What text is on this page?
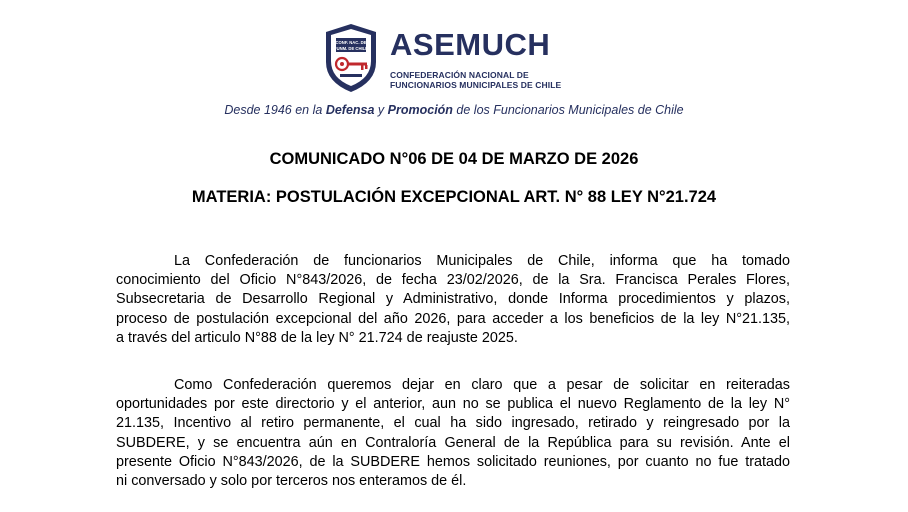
CONF. NAC. DE
FUNM. DE CHILE ASEMUCH
CONFEDERACIÓN NACIONAL DE
FUNCIONARIOS MUNICIPALES DE CHILE
Desde 1946 en la Defensa y Promoción de los Funcionarios Municipales de Chile
COMUNICADO N°06 DE 04 DE MARZO DE 2026
MATERIA: POSTULACIÓN EXCEPCIONAL ART. N° 88 LEY N°21.724
La Confederación de funcionarios Municipales de Chile, informa que ha tomado
conocimiento del Oficio N°843/2026, de fecha 23/02/2026, de la Sra. Francisca Perales Flores,
Subsecretaria de Desarrollo Regional y Administrativo, donde Informa procedimientos y plazos,
proceso de postulación excepcional del año 2026, para acceder a los beneficios de la ley N°21.135,
a través del articulo N°88 de la ley N° 21.724 de reajuste 2025.
Como Confederación queremos dejar en claro que a pesar de solicitar en reiteradas
oportunidades por este directorio y el anterior, aun no se publica el nuevo Reglamento de la ley N°
21.135, Incentivo al retiro permanente, el cual ha sido ingresado, retirado y reingresado por la
SUBDERE, y se encuentra aún en Contraloría General de la República para su revisión. Ante el
presente Oficio N°843/2026, de la SUBDERE hemos solicitado reuniones, por cuanto no fue tratado
ni conversado y solo por terceros nos enteramos de él.
